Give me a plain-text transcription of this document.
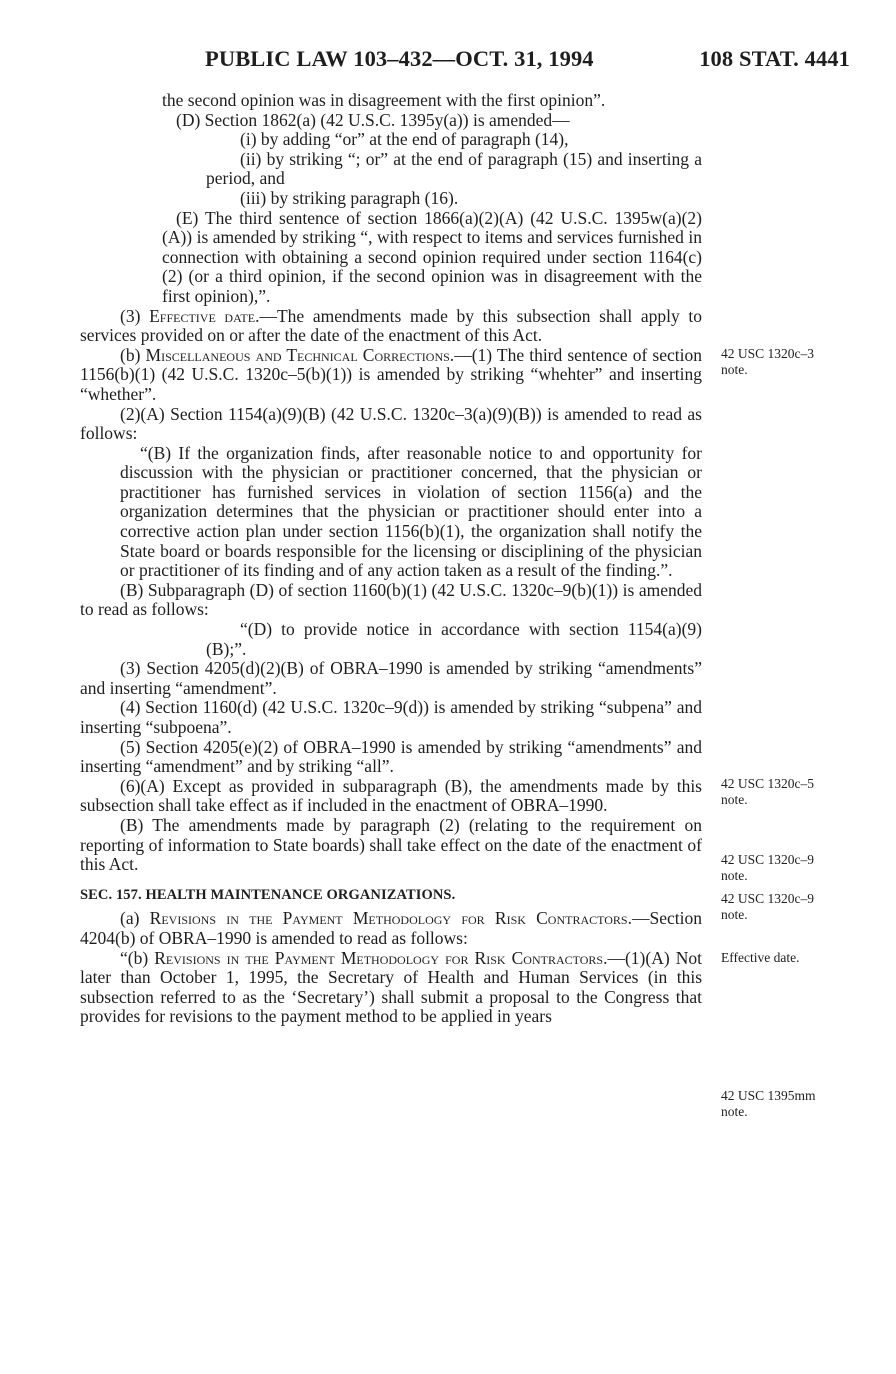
PUBLIC LAW 103–432—OCT. 31, 1994	108 STAT. 4441

the second opinion was in disagreement with the first opinion”.

(D) Section 1862(a) (42 U.S.C. 1395y(a)) is amended—

(i) by adding “or” at the end of paragraph (14),

(ii) by striking “; or” at the end of paragraph (15) and inserting a period, and

(iii) by striking paragraph (16).

(E) The third sentence of section 1866(a)(2)(A) (42 U.S.C. 1395w(a)(2)(A)) is amended by striking “, with respect to items and services furnished in connection with obtaining a second opinion required under section 1164(c)(2) (or a third opinion, if the second opinion was in disagreement with the first opinion),”.

(3) Effective date.—The amendments made by this subsection shall apply to services provided on or after the date of the enactment of this Act.

(b) Miscellaneous and Technical Corrections.—(1) The third sentence of section 1156(b)(1) (42 U.S.C. 1320c–5(b)(1)) is amended by striking “whehter” and inserting “whether”.

(2)(A) Section 1154(a)(9)(B) (42 U.S.C. 1320c–3(a)(9)(B)) is amended to read as follows:

“(B) If the organization finds, after reasonable notice to and opportunity for discussion with the physician or practitioner concerned, that the physician or practitioner has furnished services in violation of section 1156(a) and the organization determines that the physician or practitioner should enter into a corrective action plan under section 1156(b)(1), the organization shall notify the State board or boards responsible for the licensing or disciplining of the physician or practitioner of its finding and of any action taken as a result of the finding.”.

(B) Subparagraph (D) of section 1160(b)(1) (42 U.S.C. 1320c–9(b)(1)) is amended to read as follows:

“(D) to provide notice in accordance with section 1154(a)(9)(B);”.

(3) Section 4205(d)(2)(B) of OBRA–1990 is amended by striking “amendments” and inserting “amendment”.

(4) Section 1160(d) (42 U.S.C. 1320c–9(d)) is amended by striking “subpena” and inserting “subpoena”.

(5) Section 4205(e)(2) of OBRA–1990 is amended by striking “amendments” and inserting “amendment” and by striking “all”.

(6)(A) Except as provided in subparagraph (B), the amendments made by this subsection shall take effect as if included in the enactment of OBRA–1990.

(B) The amendments made by paragraph (2) (relating to the requirement on reporting of information to State boards) shall take effect on the date of the enactment of this Act.

SEC. 157. HEALTH MAINTENANCE ORGANIZATIONS.

(a) Revisions in the Payment Methodology for Risk Contractors.—Section 4204(b) of OBRA–1990 is amended to read as follows:

“(b) Revisions in the Payment Methodology for Risk Contractors.—(1)(A) Not later than October 1, 1995, the Secretary of Health and Human Services (in this subsection referred to as the ‘Secretary’) shall submit a proposal to the Congress that provides for revisions to the payment method to be applied in years

42 USC 1320c–3
note.
42 USC 1320c–5
note.
42 USC 1320c–9
note.
42 USC 1320c–9
note.
Effective date.
42 USC 1395mm
note.
